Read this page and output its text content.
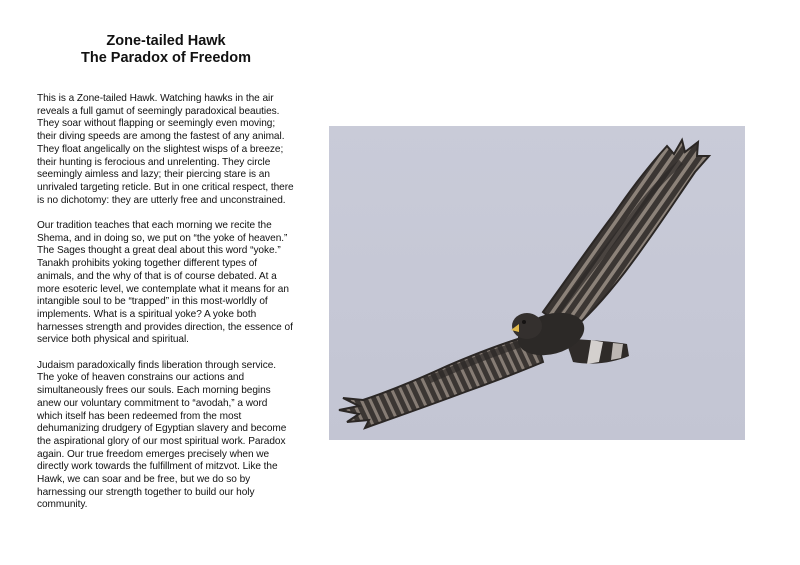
Zone-tailed Hawk
The Paradox of Freedom

This is a Zone-tailed Hawk. Watching hawks in the air reveals a full gamut of seemingly paradoxical beauties. They soar without flapping or seemingly even moving; their diving speeds are among the fastest of any animal. They float angelically on the slightest wisps of a breeze; their hunting is ferocious and unrelenting. They circle seemingly aimless and lazy; their piercing stare is an unrivaled targeting reticle. But in one critical respect, there is no dichotomy: they are utterly free and unconstrained.

Our tradition teaches that each morning we recite the Shema, and in doing so, we put on “the yoke of heaven.” The Sages thought a great deal about this word “yoke.” Tanakh prohibits yoking together different types of animals, and the why of that is of course debated. At a more esoteric level, we contemplate what it means for an intangible soul to be “trapped” in this most-worldly of implements. What is a spiritual yoke? A yoke both harnesses strength and provides direction, the essence of service both physical and spiritual.

Judaism paradoxically finds liberation through service. The yoke of heaven constrains our actions and simultaneously frees our souls. Each morning begins anew our voluntary commitment to “avodah,” a word which itself has been redeemed from the most dehumanizing drudgery of Egyptian slavery and become the aspirational glory of our most spiritual work. Paradox again. Our true freedom emerges precisely when we directly work towards the fulfillment of mitzvot. Like the Hawk, we can soar and be free, but we do so by harnessing our strength together to build our holy community.
